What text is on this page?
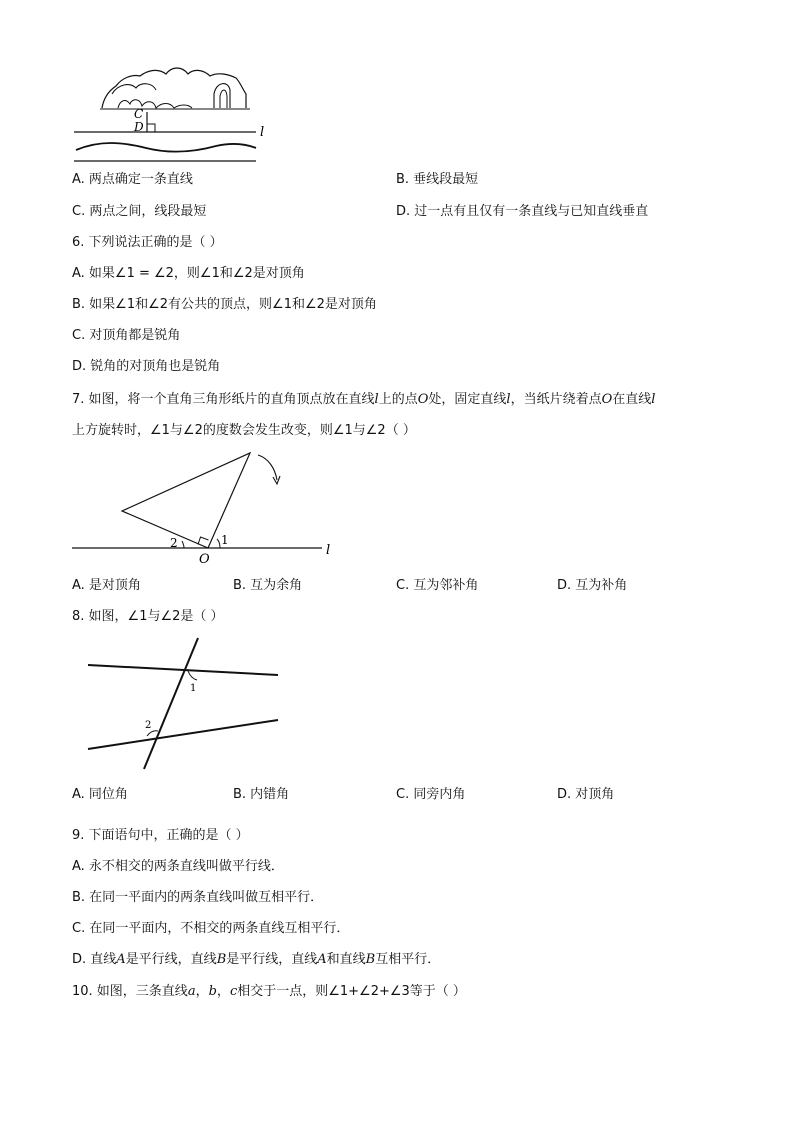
C
D	l
A. 两点确定一条直线	B. 垂线段最短
C. 两点之间，线段最短	D. 过一点有且仅有一条直线与已知直线垂直
6. 下列说法正确的是（ ）
A. 如果∠1 = ∠2，则∠1和∠2是对顶角
B. 如果∠1和∠2有公共的顶点，则∠1和∠2是对顶角
C. 对顶角都是锐角
D. 锐角的对顶角也是锐角
7. 如图，将一个直角三角形纸片的直角顶点放在直线l上的点O处，固定直线l，当纸片绕着点O在直线l
上方旋转时，∠1与∠2的度数会发生改变，则∠1与∠2（ ）
l
1
2
O
A. 是对顶角	B. 互为余角	C. 互为邻补角	D. 互为补角
8. 如图，∠1与∠2是（ ）
1
2
A. 同位角	B. 内错角	C. 同旁内角	D. 对顶角
9. 下面语句中，正确的是（ ）
A. 永不相交的两条直线叫做平行线．
B. 在同一平面内的两条直线叫做互相平行．
C. 在同一平面内，不相交的两条直线互相平行．
D. 直线A是平行线，直线B是平行线，直线A和直线B互相平行．
10. 如图，三条直线a，b，c相交于一点，则∠1+∠2+∠3等于（ ）
